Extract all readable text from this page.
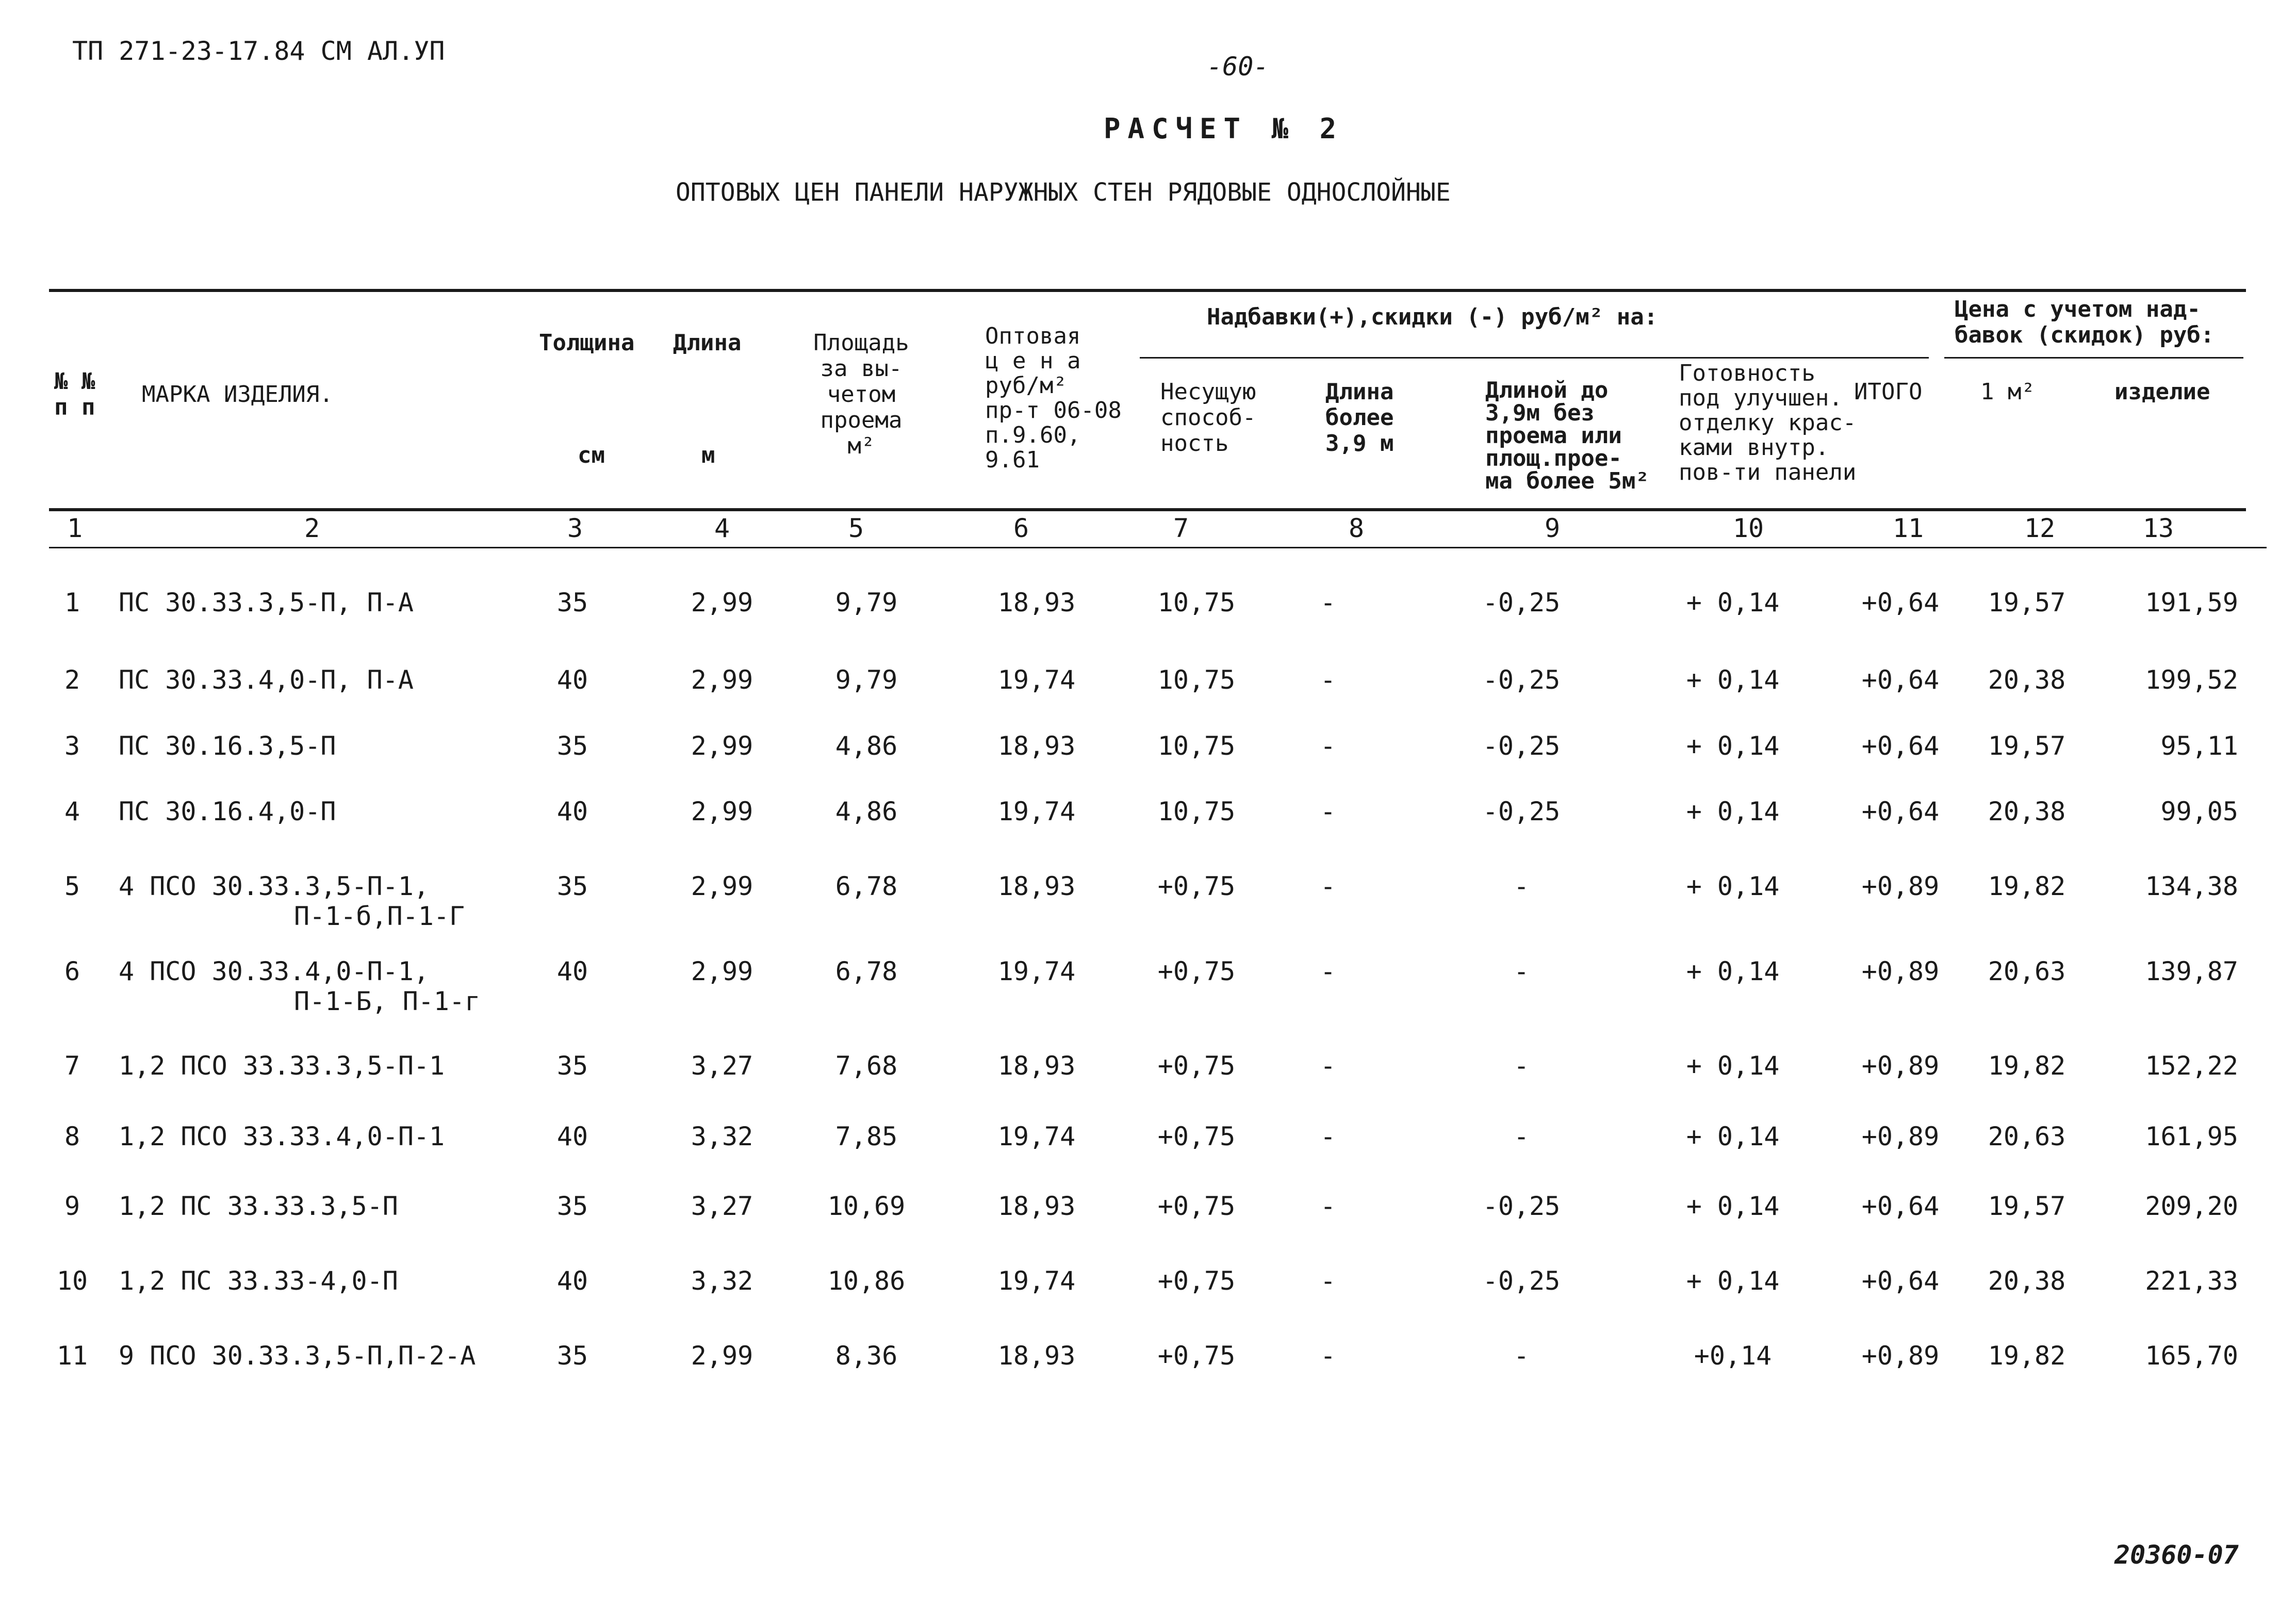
ТП 271-23-17.84 СМ АЛ.УП
-60-
РАСЧЕТ № 2
ОПТОВЫХ ЦЕН ПАНЕЛИ НАРУЖНЫХ СТЕН РЯДОВЫЕ ОДНОСЛОЙНЫЕ
№ №
п п МАРКА ИЗДЕЛИЯ.
Толщина
см
Длина
м
Площадь
за вы-
четом
проема
м²
Оптовая
ц е н а
руб/м²
пр-т 06-08
п.9.60,
9.61
Надбавки(+),скидки (-) руб/м² на:
Несущую
способ-
ность
Длина
более
3,9 м
Длиной до
3,9м без
проема или
площ.прое-
ма более 5м²
Готовность
под улучшен.
отделку крас-
ками внутр.
пов-ти панели
ИТОГО
Цена с учетом над-
бавок (скидок) руб:
1 м²	изделие
1	2	3	4	5	6	7	8	9	10	11	12	13
1	ПС 30.33.3,5-П, П-А	35	2,99	9,79	18,93	10,75	-	-0,25	+ 0,14	+0,64	19,57	191,59
2	ПС 30.33.4,0-П, П-А	40	2,99	9,79	19,74	10,75	-	-0,25	+ 0,14	+0,64	20,38	199,52
3	ПС 30.16.3,5-П	35	2,99	4,86	18,93	10,75	-	-0,25	+ 0,14	+0,64	19,57	95,11
4	ПС 30.16.4,0-П	40	2,99	4,86	19,74	10,75	-	-0,25	+ 0,14	+0,64	20,38	99,05
5	4 ПСО 30.33.3,5-П-1,	35	2,99	6,78	18,93	+0,75	-	-	+ 0,14	+0,89	19,82	134,38
П-1-б,П-1-Г
6	4 ПСО 30.33.4,0-П-1,	40	2,99	6,78	19,74	+0,75	-	-	+ 0,14	+0,89	20,63	139,87
П-1-Б, П-1-г
7	1,2 ПСО 33.33.3,5-П-1	35	3,27	7,68	18,93	+0,75	-	-	+ 0,14	+0,89	19,82	152,22
8	1,2 ПСО 33.33.4,0-П-1	40	3,32	7,85	19,74	+0,75	-	-	+ 0,14	+0,89	20,63	161,95
9	1,2 ПС 33.33.3,5-П	35	3,27	10,69	18,93	+0,75	-	-0,25	+ 0,14	+0,64	19,57	209,20
10 1,2 ПС 33.33-4,0-П	40	3,32	10,86	19,74	+0,75	-	-0,25	+ 0,14	+0,64	20,38	221,33
11 9 ПСО 30.33.3,5-П,П-2-А	35	2,99	8,36	18,93	+0,75	-	-	+0,14	+0,89	19,82	165,70
20360-07
